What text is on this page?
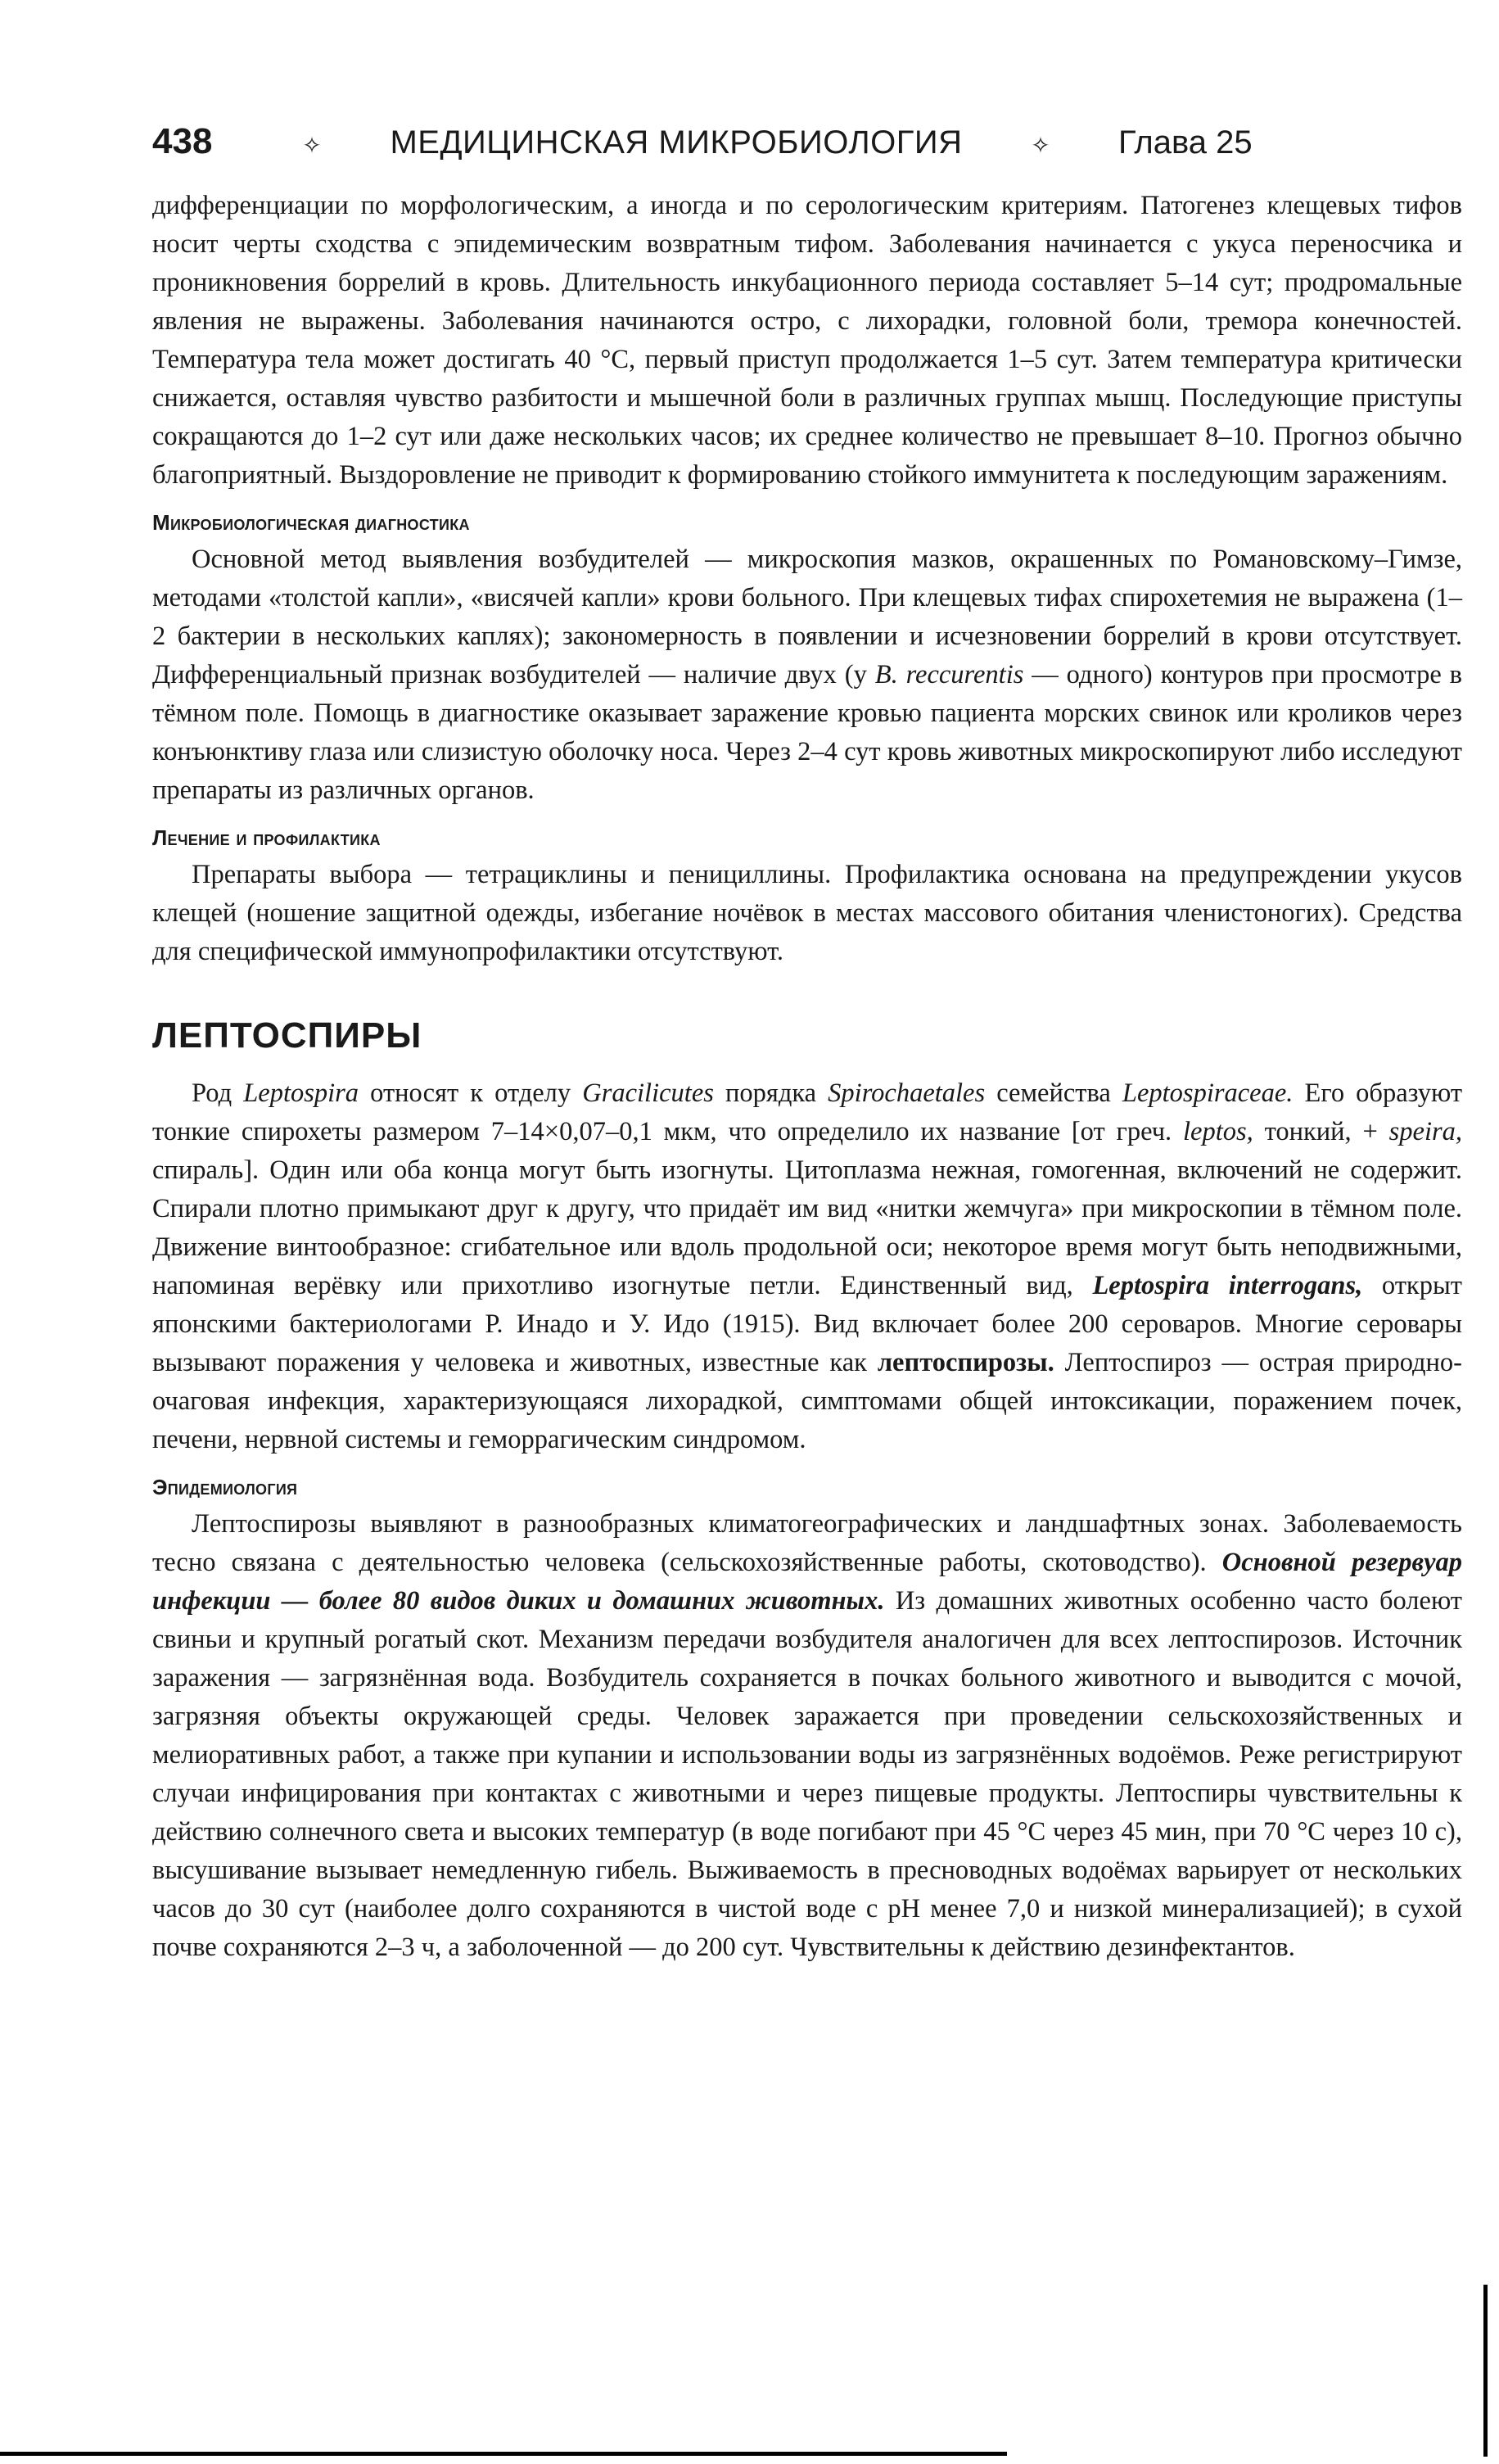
438	✧	МЕДИЦИНСКАЯ МИКРОБИОЛОГИЯ	✧	Глава 25

дифференциации по морфологическим, а иногда и по серологическим критериям. Патогенез клещевых тифов носит черты сходства с эпидемическим возвратным тифом. Заболевания начинается с укуса переносчика и проникновения боррелий в кровь. Длительность инкубационного периода составляет 5–14 сут; продромальные явления не выражены. Заболевания начинаются остро, с лихорадки, головной боли, тремора конечностей. Температура тела может достигать 40 °С, первый приступ продолжается 1–5 сут. Затем температура критически снижается, оставляя чувство разбитости и мышечной боли в различных группах мышц. Последующие приступы сокращаются до 1–2 сут или даже нескольких часов; их среднее количество не превышает 8–10. Прогноз обычно благоприятный. Выздоровление не приводит к формированию стойкого иммунитета к последующим заражениям.

Микробиологическая диагностика

Основной метод выявления возбудителей — микроскопия мазков, окрашенных по Романовскому–Гимзе, методами «толстой капли», «висячей капли» крови больного. При клещевых тифах спирохетемия не выражена (1–2 бактерии в нескольких каплях); закономерность в появлении и исчезновении боррелий в крови отсутствует. Дифференциальный признак возбудителей — наличие двух (у B. reccurentis — одного) контуров при просмотре в тёмном поле. Помощь в диагностике оказывает заражение кровью пациента морских свинок или кроликов через конъюнктиву глаза или слизистую оболочку носа. Через 2–4 сут кровь животных микроскопируют либо исследуют препараты из различных органов.

Лечение и профилактика

Препараты выбора — тетрациклины и пенициллины. Профилактика основана на предупреждении укусов клещей (ношение защитной одежды, избегание ночёвок в местах массового обитания членистоногих). Средства для специфической иммунопрофилактики отсутствуют.

ЛЕПТОСПИРЫ

Род Leptospira относят к отделу Gracilicutes порядка Spirochaetales семейства Leptospiraceae. Его образуют тонкие спирохеты размером 7–14×0,07–0,1 мкм, что определило их название [от греч. leptos, тонкий, + speira, спираль]. Один или оба конца могут быть изогнуты. Цитоплазма нежная, гомогенная, включений не содержит. Спирали плотно примыкают друг к другу, что придаёт им вид «нитки жемчуга» при микроскопии в тёмном поле. Движение винтообразное: сгибательное или вдоль продольной оси; некоторое время могут быть неподвижными, напоминая верёвку или прихотливо изогнутые петли. Единственный вид, Leptospira interrogans, открыт японскими бактериологами Р. Инадо и У. Идо (1915). Вид включает более 200 сероваров. Многие серовары вызывают поражения у человека и животных, известные как лептоспирозы. Лептоспироз — острая природно-очаговая инфекция, характеризующаяся лихорадкой, симптомами общей интоксикации, поражением почек, печени, нервной системы и геморрагическим синдромом.

Эпидемиология

Лептоспирозы выявляют в разнообразных климатогеографических и ландшафтных зонах. Заболеваемость тесно связана с деятельностью человека (сельскохозяйственные работы, скотоводство). Основной резервуар инфекции — более 80 видов диких и домашних животных. Из домашних животных особенно часто болеют свиньи и крупный рогатый скот. Механизм передачи возбудителя аналогичен для всех лептоспирозов. Источник заражения — загрязнённая вода. Возбудитель сохраняется в почках больного животного и выводится с мочой, загрязняя объекты окружающей среды. Человек заражается при проведении сельскохозяйственных и мелиоративных работ, а также при купании и использовании воды из загрязнённых водоёмов. Реже регистрируют случаи инфицирования при контактах с животными и через пищевые продукты. Лептоспиры чувствительны к действию солнечного света и высоких температур (в воде погибают при 45 °С через 45 мин, при 70 °С через 10 с), высушивание вызывает немедленную гибель. Выживаемость в пресноводных водоёмах варьирует от нескольких часов до 30 сут (наиболее долго сохраняются в чистой воде с pH менее 7,0 и низкой минерализацией); в сухой почве сохраняются 2–3 ч, а заболоченной — до 200 сут. Чувствительны к действию дезинфектантов.
